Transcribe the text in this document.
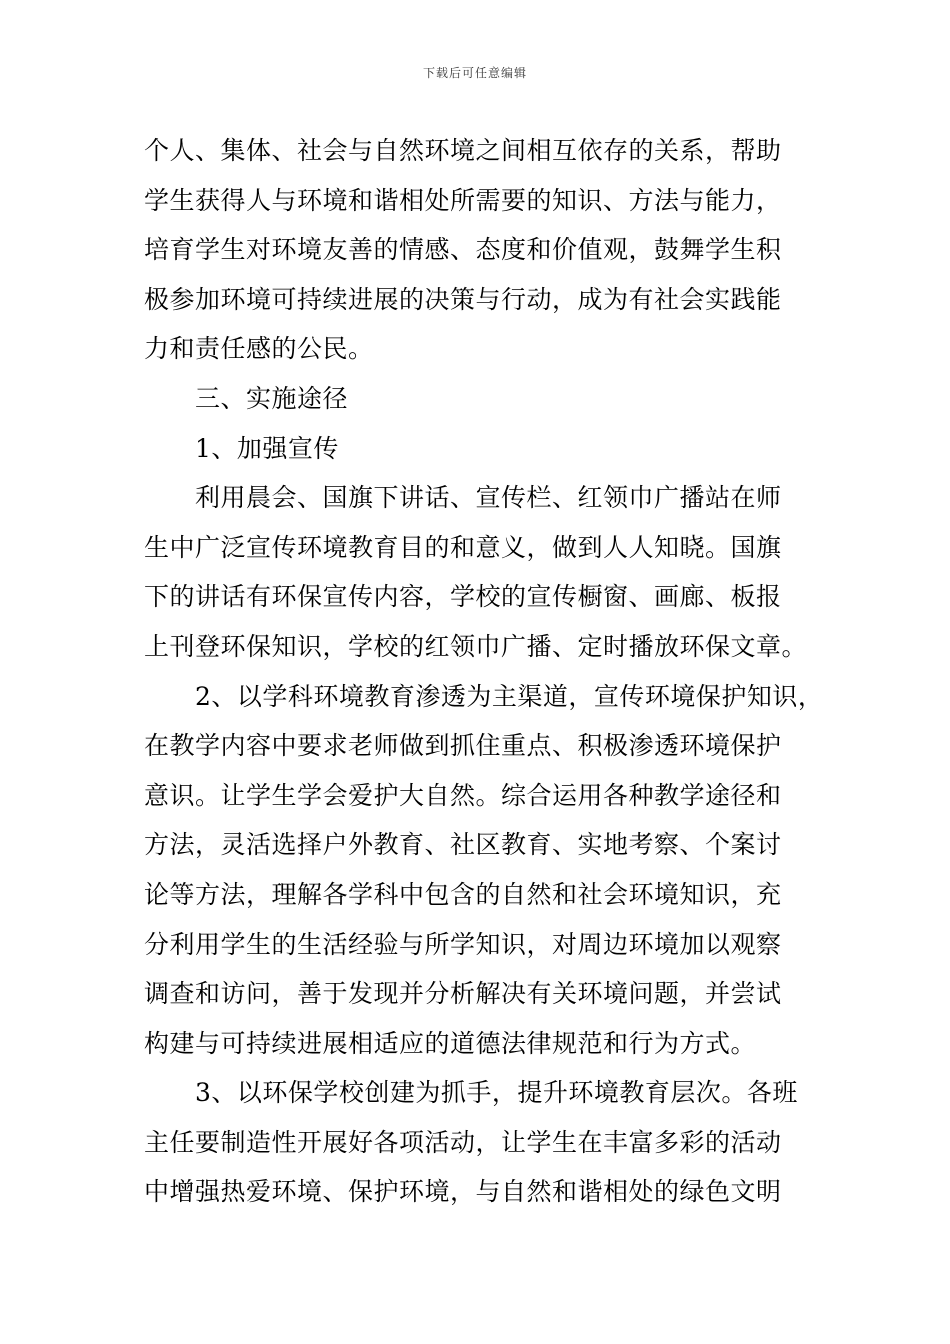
下载后可任意编辑
个人、集体、社会与自然环境之间相互依存的关系，帮助
学生获得人与环境和谐相处所需要的知识、方法与能力，
培育学生对环境友善的情感、态度和价值观，鼓舞学生积
极参加环境可持续进展的决策与行动，成为有社会实践能
力和责任感的公民。
三、实施途径
1、加强宣传
利用晨会、国旗下讲话、宣传栏、红领巾广播站在师
生中广泛宣传环境教育目的和意义，做到人人知晓。国旗
下的讲话有环保宣传内容，学校的宣传橱窗、画廊、板报
上刊登环保知识，学校的红领巾广播、定时播放环保文章。
2、以学科环境教育渗透为主渠道，宣传环境保护知识，
在教学内容中要求老师做到抓住重点、积极渗透环境保护
意识。让学生学会爱护大自然。综合运用各种教学途径和
方法，灵活选择户外教育、社区教育、实地考察、个案讨
论等方法，理解各学科中包含的自然和社会环境知识，充
分利用学生的生活经验与所学知识，对周边环境加以观察
调查和访问，善于发现并分析解决有关环境问题，并尝试
构建与可持续进展相适应的道德法律规范和行为方式。
3、以环保学校创建为抓手，提升环境教育层次。各班
主任要制造性开展好各项活动，让学生在丰富多彩的活动
中增强热爱环境、保护环境，与自然和谐相处的绿色文明
